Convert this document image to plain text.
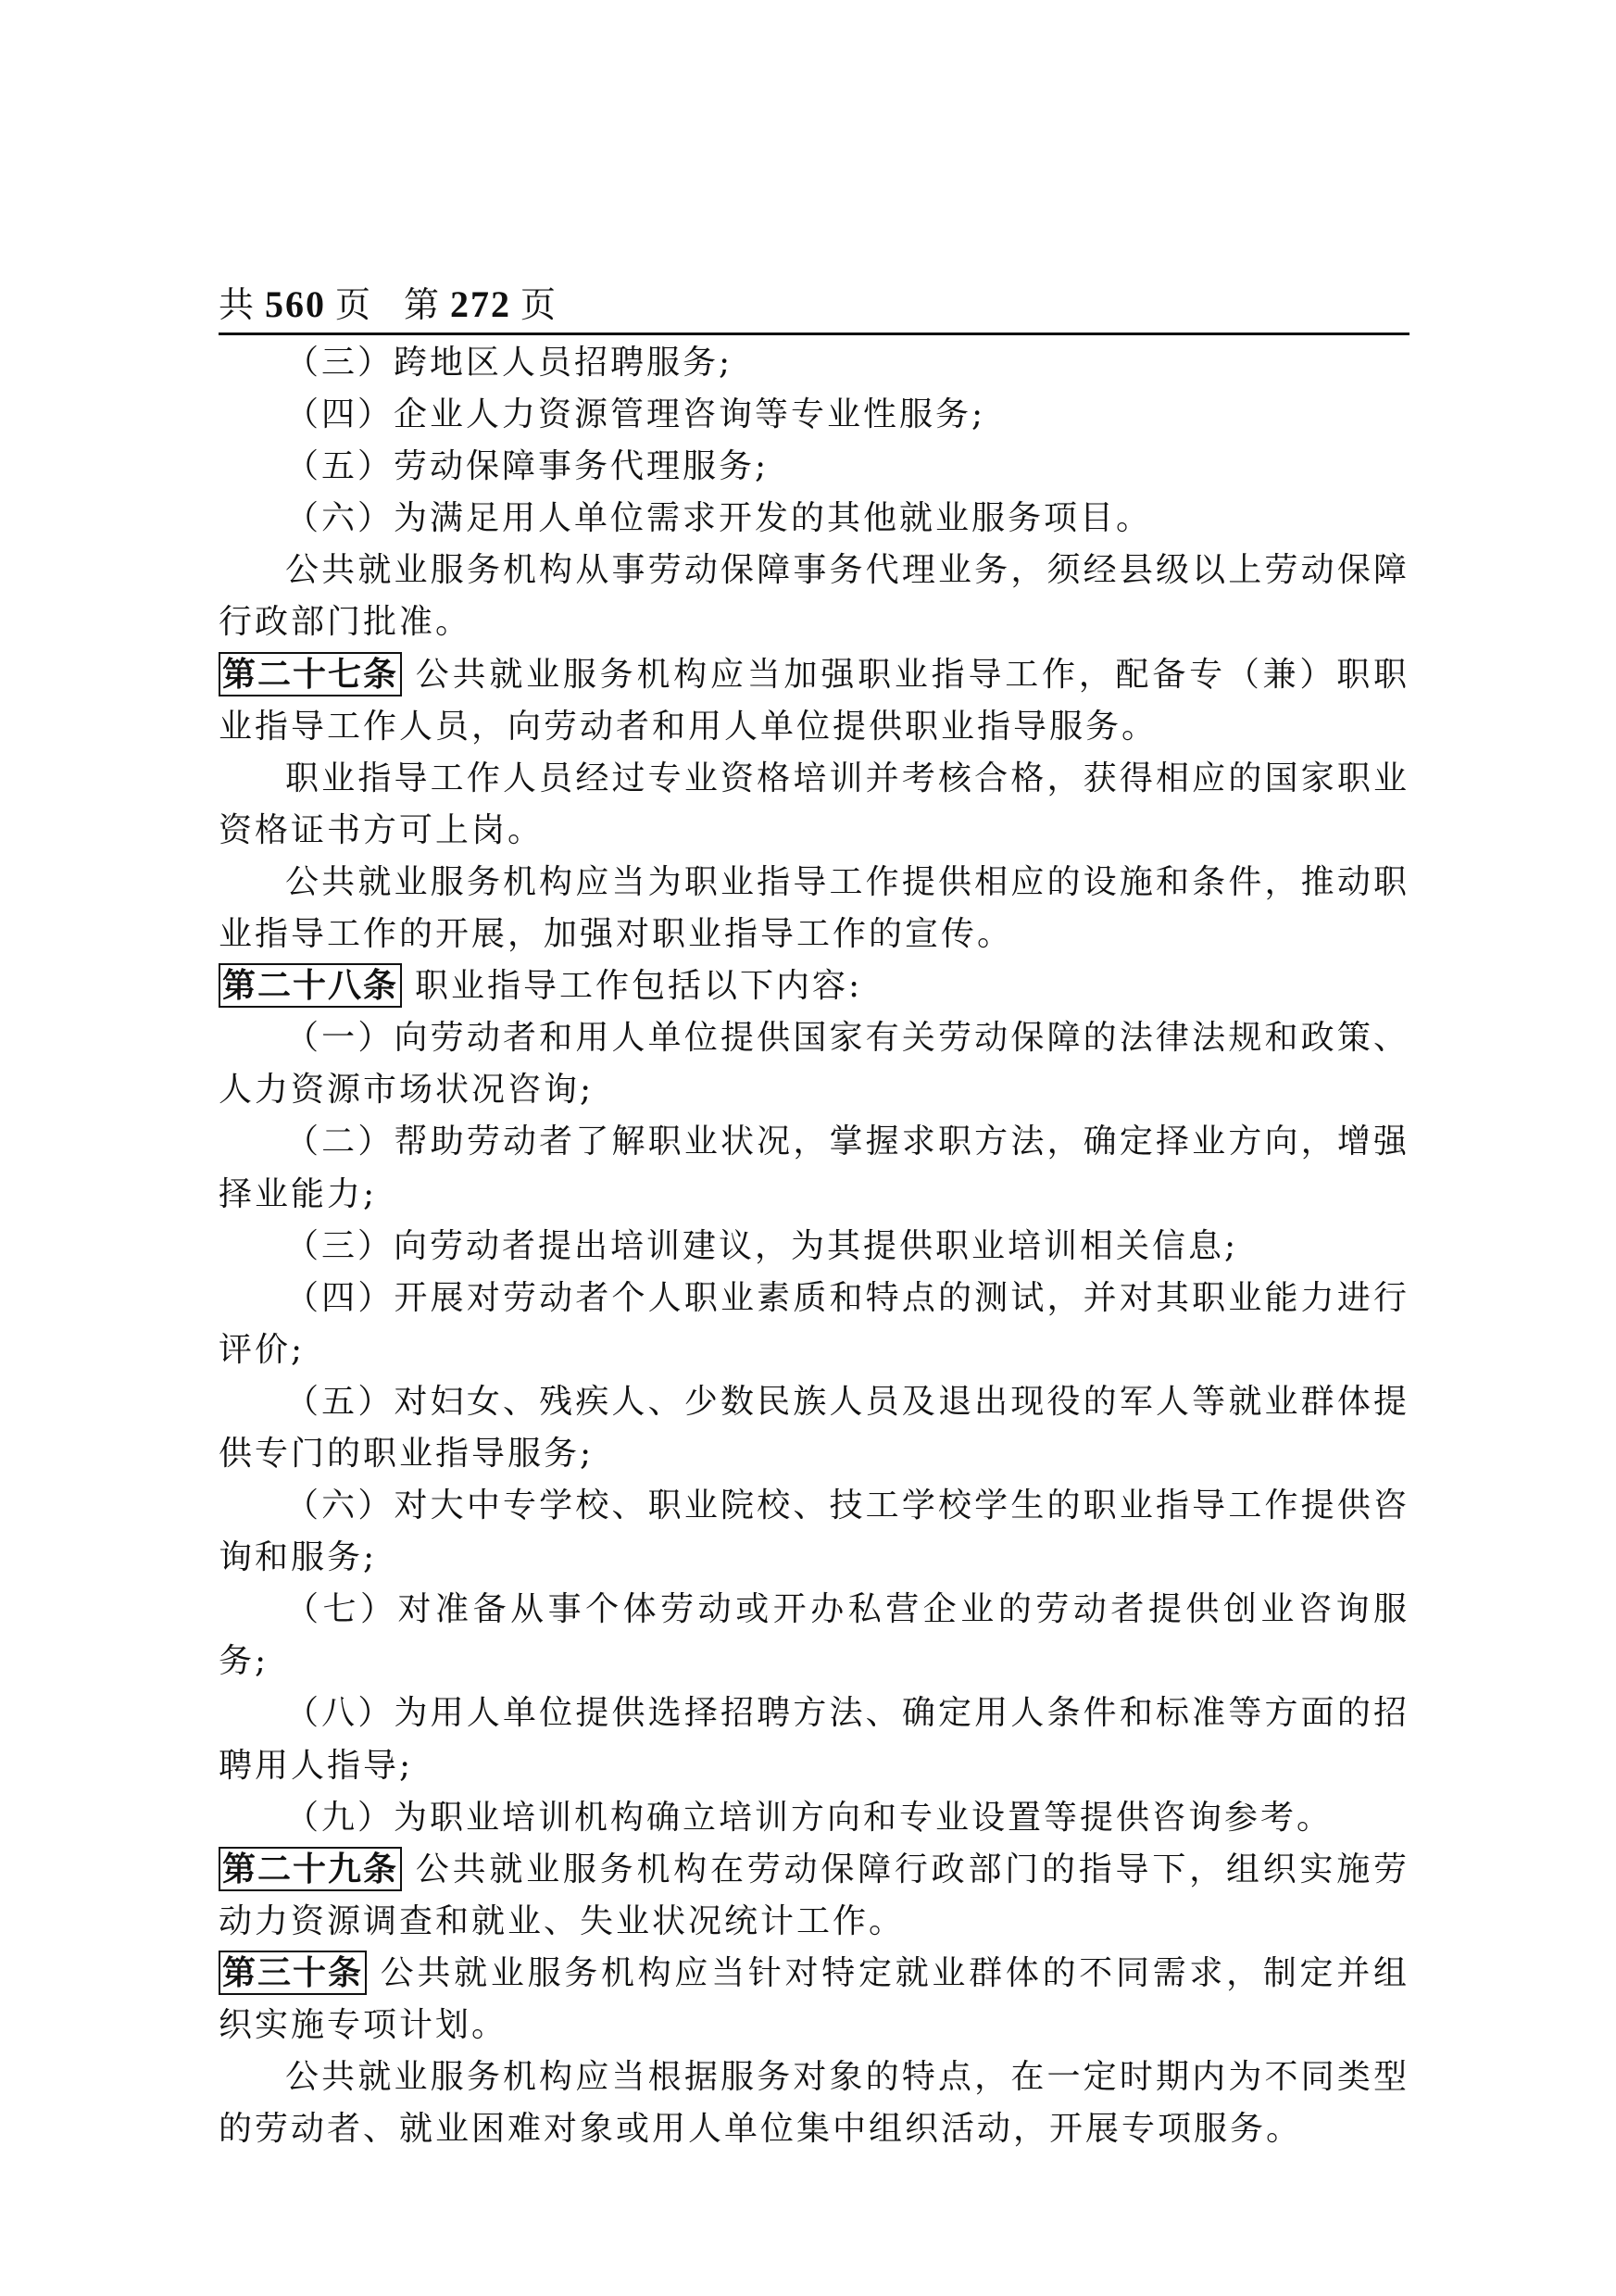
共 560 页 第 272 页

（三）跨地区人员招聘服务;

（四）企业人力资源管理咨询等专业性服务;

（五）劳动保障事务代理服务;

（六）为满足用人单位需求开发的其他就业服务项目。

公共就业服务机构从事劳动保障事务代理业务，须经县级以上劳动保障行政部门批准。

第二十七条 公共就业服务机构应当加强职业指导工作，配备专（兼）职职业指导工作人员，向劳动者和用人单位提供职业指导服务。

职业指导工作人员经过专业资格培训并考核合格，获得相应的国家职业资格证书方可上岗。

公共就业服务机构应当为职业指导工作提供相应的设施和条件，推动职业指导工作的开展，加强对职业指导工作的宣传。

第二十八条 职业指导工作包括以下内容:

（一）向劳动者和用人单位提供国家有关劳动保障的法律法规和政策、人力资源市场状况咨询;

（二）帮助劳动者了解职业状况，掌握求职方法，确定择业方向，增强择业能力;

（三）向劳动者提出培训建议，为其提供职业培训相关信息;

（四）开展对劳动者个人职业素质和特点的测试，并对其职业能力进行评价;

（五）对妇女、残疾人、少数民族人员及退出现役的军人等就业群体提供专门的职业指导服务;

（六）对大中专学校、职业院校、技工学校学生的职业指导工作提供咨询和服务;

（七）对准备从事个体劳动或开办私营企业的劳动者提供创业咨询服务;

（八）为用人单位提供选择招聘方法、确定用人条件和标准等方面的招聘用人指导;

（九）为职业培训机构确立培训方向和专业设置等提供咨询参考。

第二十九条 公共就业服务机构在劳动保障行政部门的指导下，组织实施劳动力资源调查和就业、失业状况统计工作。

第三十条 公共就业服务机构应当针对特定就业群体的不同需求，制定并组织实施专项计划。

公共就业服务机构应当根据服务对象的特点，在一定时期内为不同类型的劳动者、就业困难对象或用人单位集中组织活动，开展专项服务。
